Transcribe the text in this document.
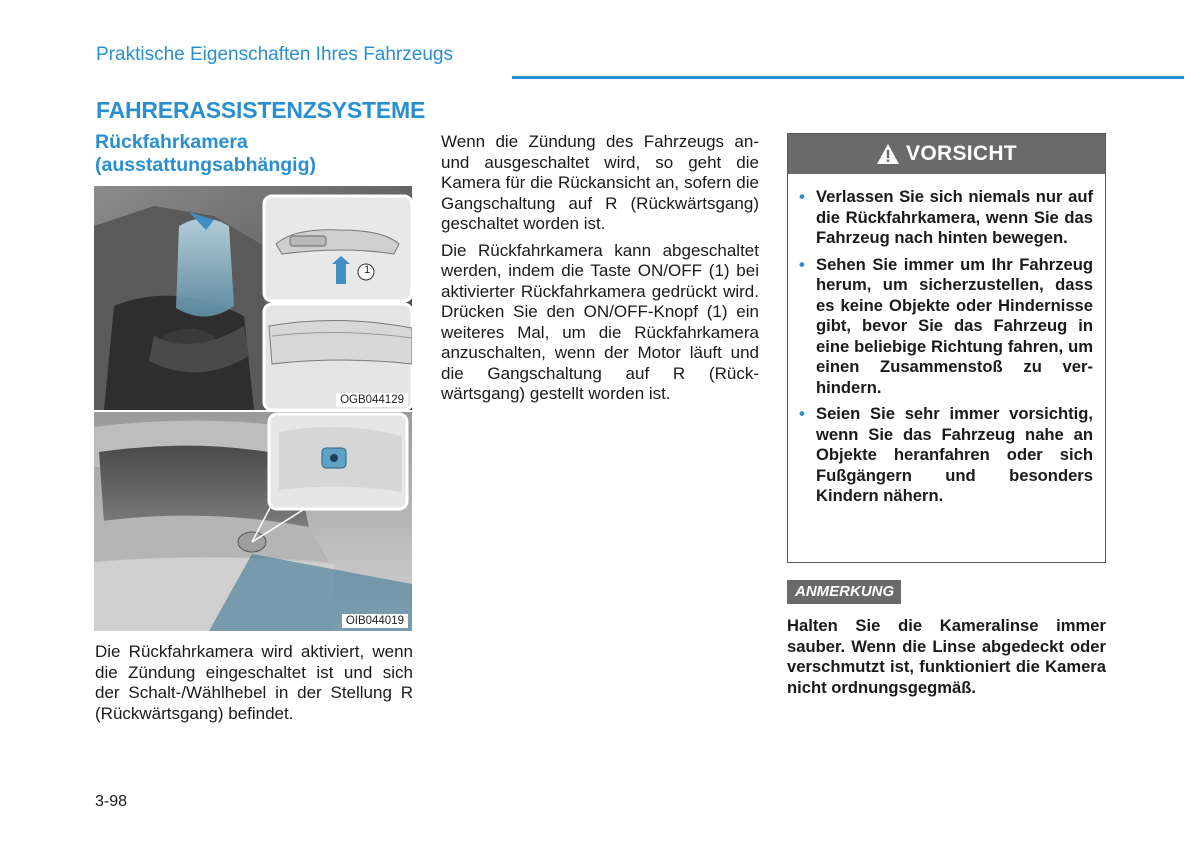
Praktische Eigenschaften Ihres Fahrzeugs
FAHRERASSISTENZSYSTEME
Rückfahrkamera
(ausstattungsabhängig)
1
OGB044129
OIB044019

Die Rückfahrkamera wird aktiviert, wenn die Zündung eingeschaltet ist und sich der Schalt-/Wählhebel in der Stellung R (Rückwärtsgang) befindet.

Wenn die Zündung des Fahrzeugs an- und ausgeschaltet wird, so geht die Kamera für die Rückansicht an, sofern die Gangschaltung auf R (Rückwärtsgang) geschaltet worden ist.

Die Rückfahrkamera kann abgeschaltet werden, indem die Taste ON/OFF (1) bei aktivierter Rückfahrkamera gedrückt wird. Drücken Sie den ON/OFF-Knopf (1) ein weiteres Mal, um die Rückfahrkamera anzuschalten, wenn der Motor läuft und die Gangschaltung auf R (Rückwärtsgang) gestellt worden ist.

VORSICHT
• Verlassen Sie sich niemals nur auf die Rückfahrkamera, wenn Sie das Fahrzeug nach hinten bewegen.
• Sehen Sie immer um Ihr Fahrzeug herum, um sicherzustellen, dass es keine Objekte oder Hindernisse gibt, bevor Sie das Fahrzeug in eine beliebige Richtung fahren, um einen Zusammenstoß zu verhindern.
• Seien Sie sehr immer vorsichtig, wenn Sie das Fahrzeug nahe an Objekte heranfahren oder sich Fußgängern und besonders Kindern nähern.
ANMERKUNG

Halten Sie die Kameralinse immer sauber. Wenn die Linse abgedeckt oder verschmutzt ist, funktioniert die Kamera nicht ordnungsgegmäß.

3-98
